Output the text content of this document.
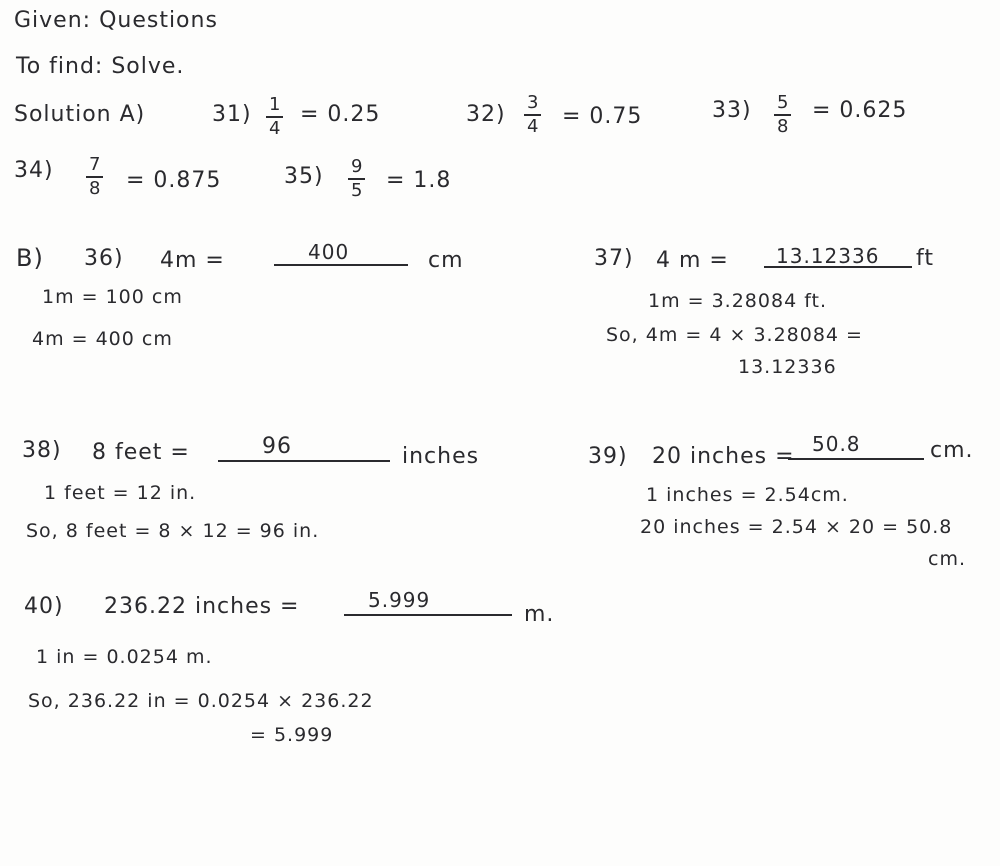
Given: Questions
To find: Solve.
Solution A)	$31) \frac{1}{4} = 0.25$	$32) \frac{3}{4} = 0.75$	$33) \frac{5}{8} = 0.625$
$34) \frac{7}{8} = 0.875$	$35) \frac{9}{5} = 1.8$
B) 36) 4m =	400	cm
1m = 100 cm
4m = 400 cm
37) 4 m = 13.12336 ft
1m = 3.28084 ft.
So, 4m = 4 × 3.28084 =
13.12336
38) 8 feet =	96	inches
1 feet = 12 in.
So, 8 feet = 8 × 12 = 96 in.
39) 20 inches = 50.8	cm.
1 inches = 2.54cm.
20 inches = 2.54 × 20 = 50.8
cm.
40) 236.22 inches =	5.999
m.
1 in = 0.0254 m.
So, 236.22 in = 0.0254 × 236.22
= 5.999
